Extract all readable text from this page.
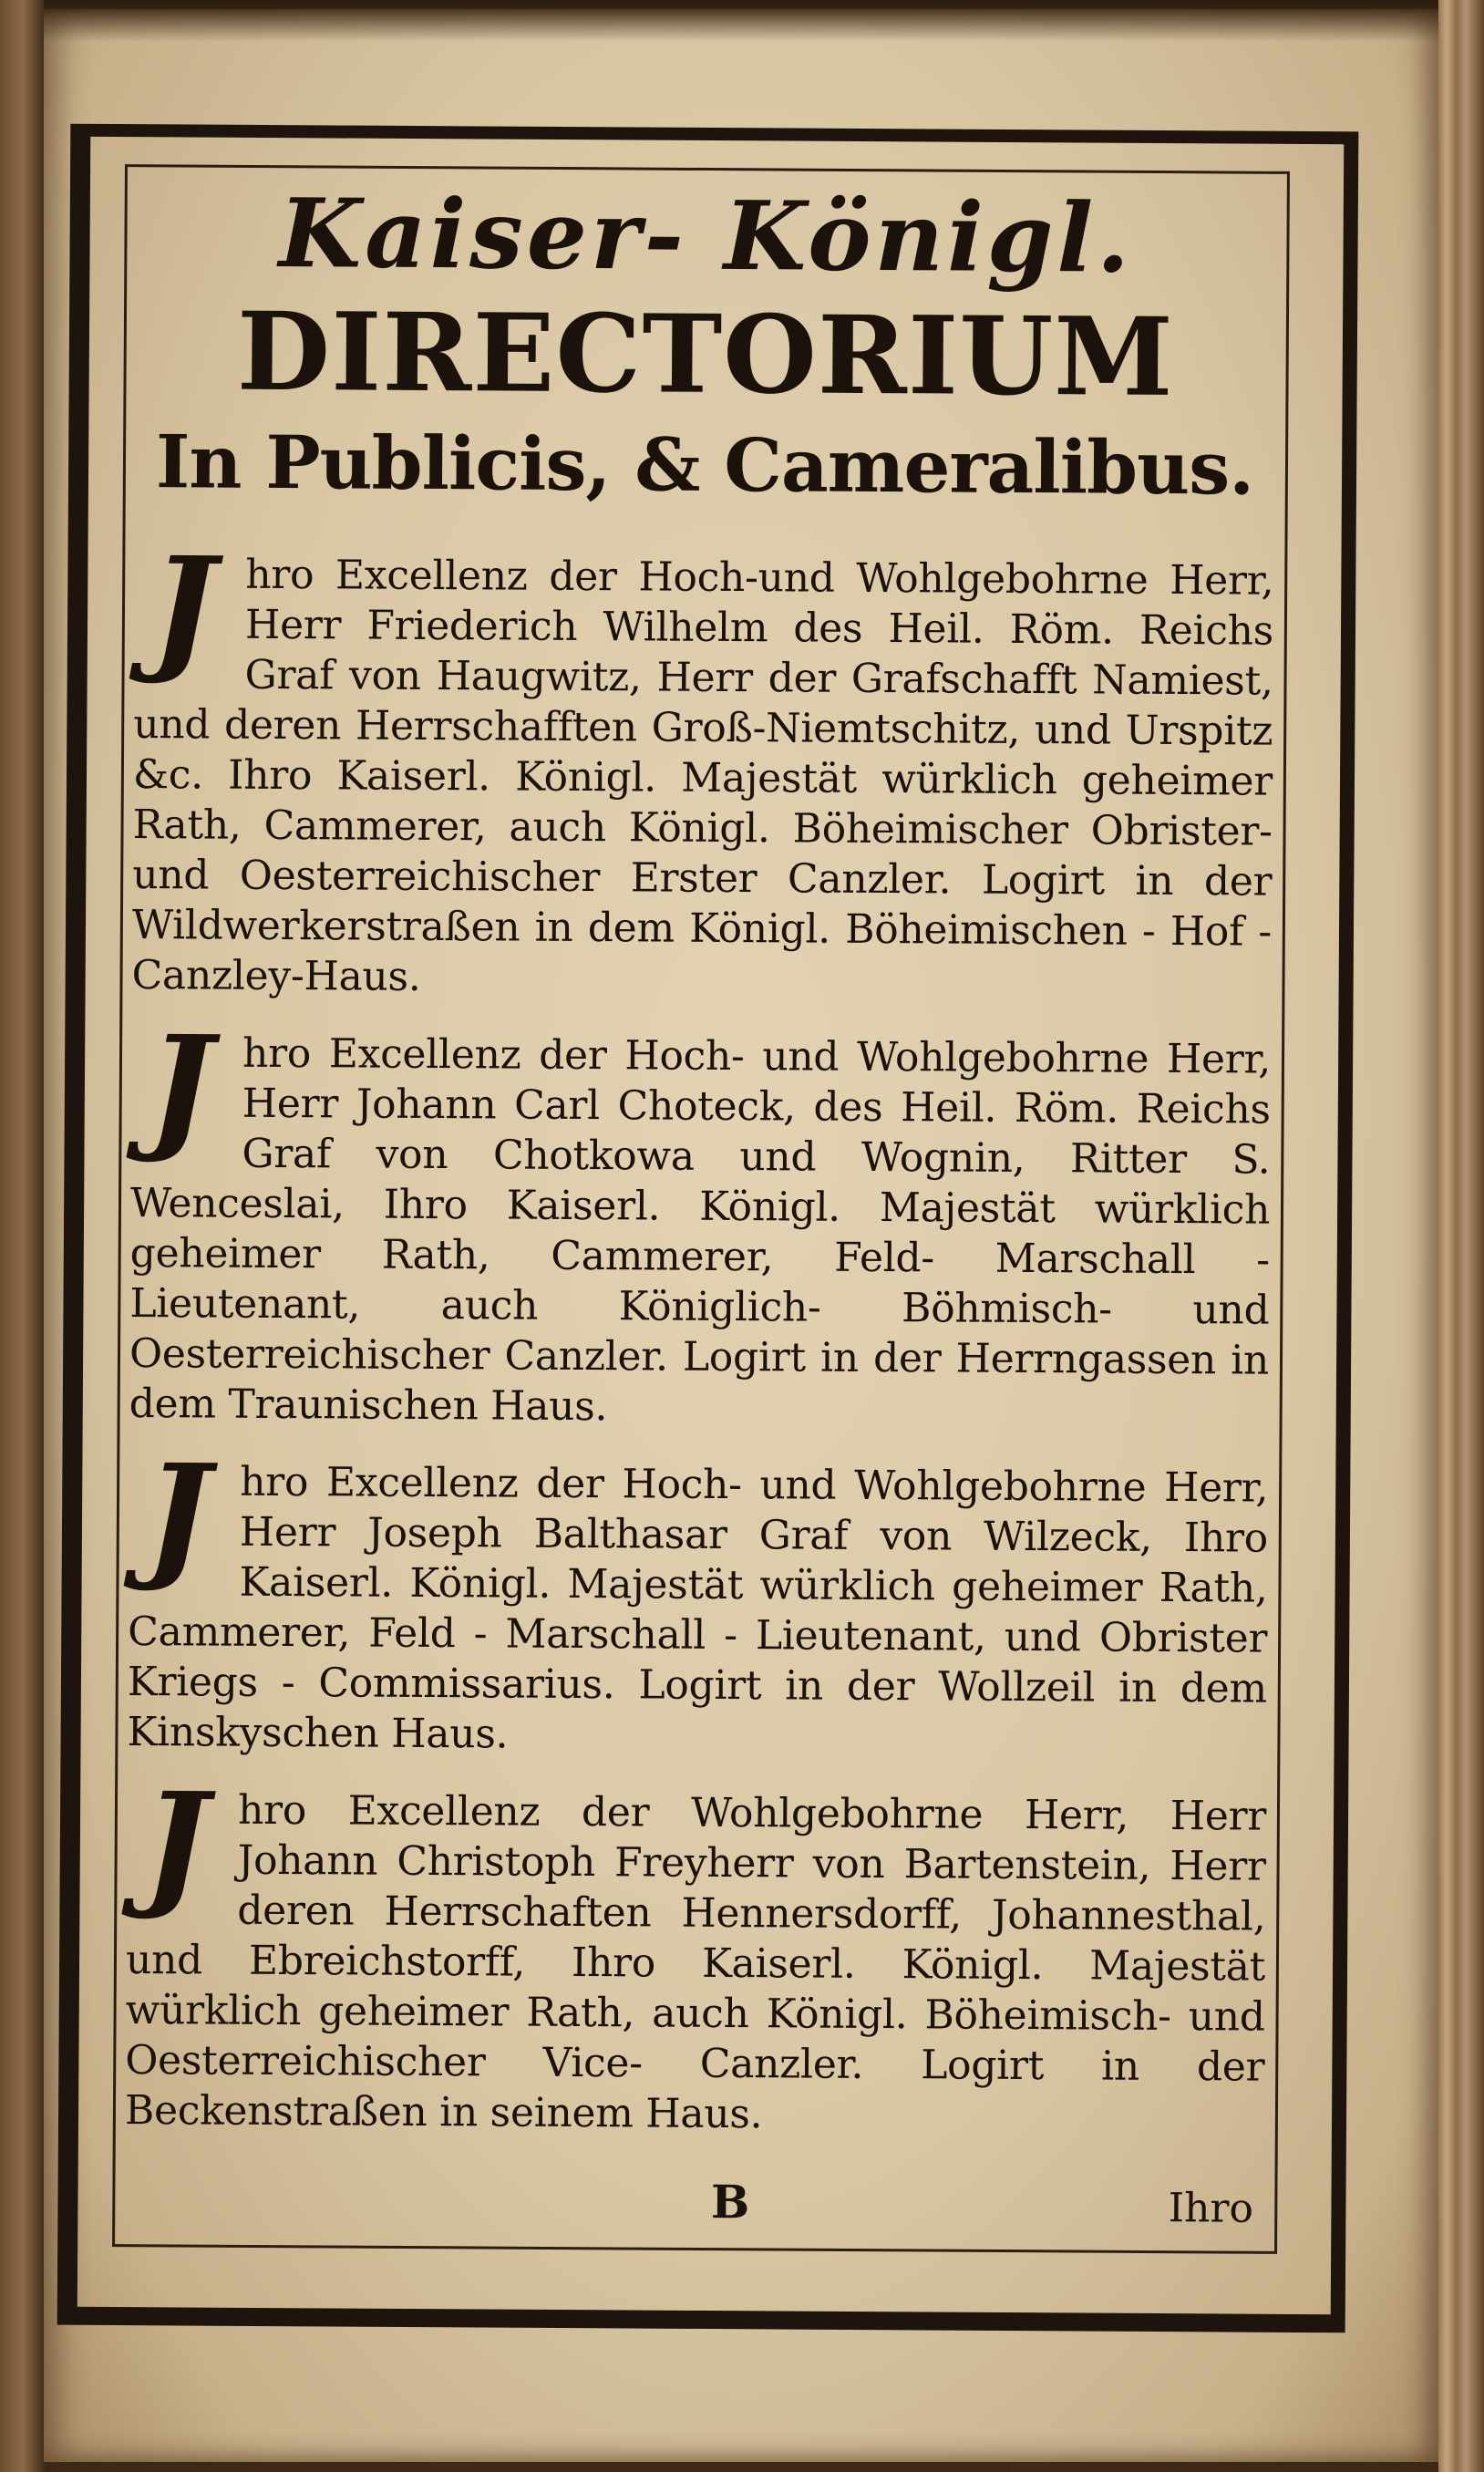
Kaiser- Königl.
DIRECTORIUM
In Publicis, & Cameralibus.
J hro Excellenz der Hoch-und Wohlgebohrne Herr, Herr Friederich Wilhelm des Heil. Röm. Reichs Graf von Haugwitz, Herr der Grafschafft Namiest, und deren Herrschafften Groß-Niemtschitz, und Urspitz &c. Ihro Kaiserl. Königl. Majestät würklich geheimer Rath, Cammerer, auch Königl. Böheimischer Obrister- und Oesterreichischer Erster Canzler. Logirt in der Wildwerkerstraßen in dem Königl. Böheimischen - Hof - Canzley-Haus.
J hro Excellenz der Hoch- und Wohlgebohrne Herr, Herr Johann Carl Choteck, des Heil. Röm. Reichs Graf von Chotkowa und Wognin, Ritter S. Wenceslai, Ihro Kaiserl. Königl. Majestät würklich geheimer Rath, Cammerer, Feld- Marschall - Lieutenant, auch Königlich- Böhmisch- und Oesterreichischer Canzler. Logirt in der Herrngassen in dem Traunischen Haus.
J hro Excellenz der Hoch- und Wohlgebohrne Herr, Herr Joseph Balthasar Graf von Wilzeck, Ihro Kaiserl. Königl. Majestät würklich geheimer Rath, Cammerer, Feld - Marschall - Lieutenant, und Obrister Kriegs - Commissarius. Logirt in der Wollzeil in dem Kinskyschen Haus.
J hro Excellenz der Wohlgebohrne Herr, Herr Johann Christoph Freyherr von Bartenstein, Herr deren Herrschaften Hennersdorff, Johannesthal, und Ebreichstorff, Ihro Kaiserl. Königl. Majestät würklich geheimer Rath, auch Königl. Böheimisch- und Oesterreichischer Vice- Canzler. Logirt in der Beckenstraßen in seinem Haus.
B	Ihro
